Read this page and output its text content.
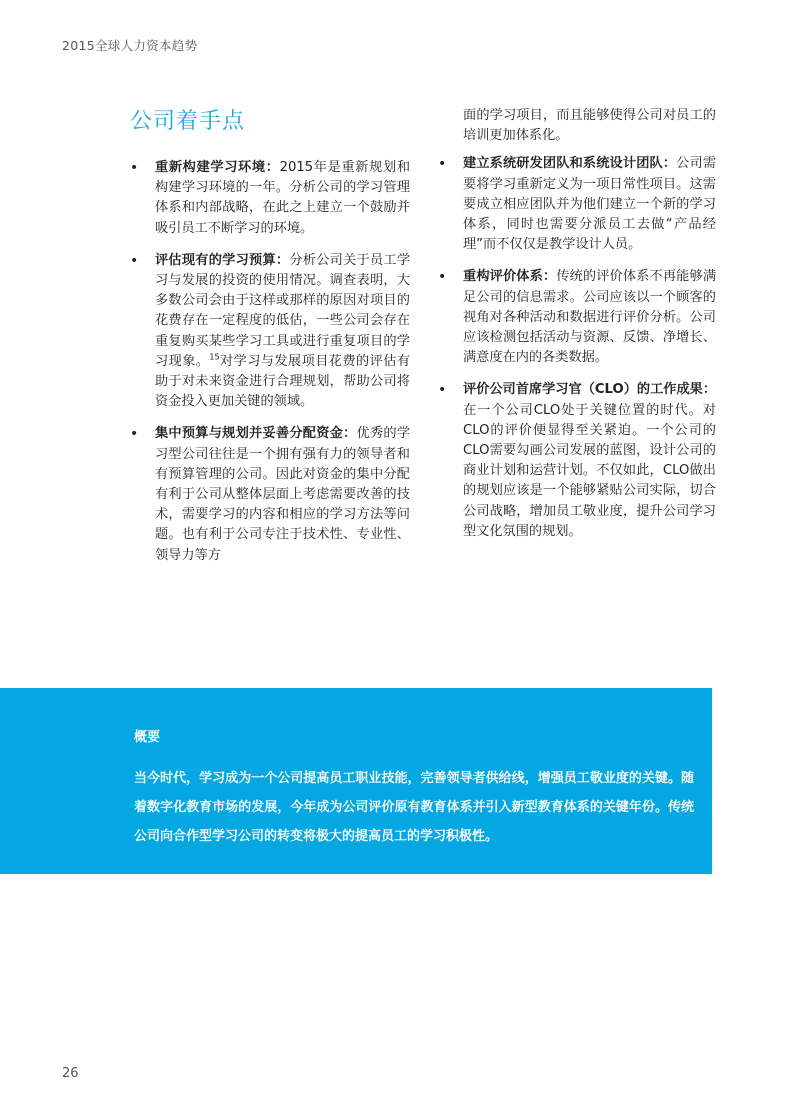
2015全球人力资本趋势
公司着手点
• 重新构建学习环境：2015年是重新规划和构建学习环境的一年。分析公司的学习管理体系和内部战略，在此之上建立一个鼓励并吸引员工不断学习的环境。
• 评估现有的学习预算：分析公司关于员工学习与发展的投资的使用情况。调查表明，大多数公司会由于这样或那样的原因对项目的花费存在一定程度的低估，一些公司会存在重复购买某些学习工具或进行重复项目的学习现象。$^{15}$对学习与发展项目花费的评估有助于对未来资金进行合理规划，帮助公司将资金投入更加关键的领域。
• 集中预算与规划并妥善分配资金：优秀的学习型公司往往是一个拥有强有力的领导者和有预算管理的公司。因此对资金的集中分配有利于公司从整体层面上考虑需要改善的技术，需要学习的内容和相应的学习方法等问题。也有利于公司专注于技术性、专业性、领导力等方
面的学习项目，而且能够使得公司对员工的培训更加体系化。
• 建立系统研发团队和系统设计团队：公司需要将学习重新定义为一项日常性项目。这需要成立相应团队并为他们建立一个新的学习体系，同时也需要分派员工去做“产品经理”而不仅仅是教学设计人员。
• 重构评价体系：传统的评价体系不再能够满足公司的信息需求。公司应该以一个顾客的视角对各种活动和数据进行评价分析。公司应该检测包括活动与资源、反馈、净增长、满意度在内的各类数据。
• 评价公司首席学习官（CLO）的工作成果：在一个公司CLO处于关键位置的时代。对CLO的评价便显得至关紧迫。一个公司的CLO需要勾画公司发展的蓝图，设计公司的商业计划和运营计划。不仅如此，CLO做出的规划应该是一个能够紧贴公司实际，切合公司战略，增加员工敬业度，提升公司学习型文化氛围的规划。
概要
当今时代，学习成为一个公司提高员工职业技能，完善领导者供给线，增强员工敬业度的关键。随着数字化教育市场的发展，今年成为公司评价原有教育体系并引入新型教育体系的关键年份。传统公司向合作型学习公司的转变将极大的提高员工的学习积极性。
26
